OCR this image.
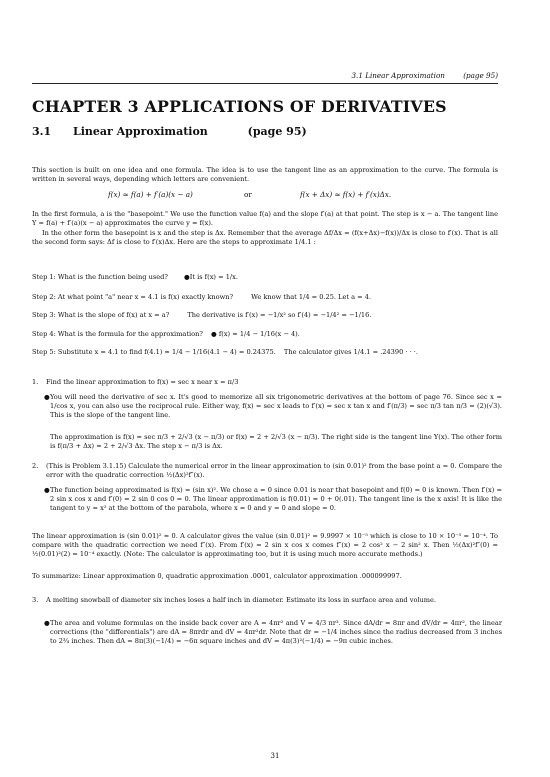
3.1 Linear Approximation	(page 95)
CHAPTER 3 APPLICATIONS OF DERIVATIVES
3.1 Linear Approximation	(page 95)
This section is built on one idea and one formula. The idea is to use the tangent line as an approximation to the curve. The formula is written in several ways, depending which letters are convenient.
f(x) ≈ f(a) + f′(a)(x − a)	or	f(x + Δx) ≈ f(x) + f′(x)Δx.
In the first formula, a is the "basepoint." We use the function value f(a) and the slope f′(a) at that point. The step is x − a. The tangent line Y = f(a) + f′(a)(x − a) approximates the curve y = f(x).
In the other form the basepoint is x and the step is Δx. Remember that the average Δf/Δx = (f(x+Δx)−f(x))/Δx is close to f′(x). That is all the second form says: Δf is close to f′(x)Δx. Here are the steps to approximate 1/4.1 :
Step 1: What is the function being used? ●It is f(x) = 1/x.
Step 2: At what point "a" near x = 4.1 is f(x) exactly known?	We know that 1/4 = 0.25. Let a = 4.
Step 3: What is the slope of f(x) at x = a?	The derivative is f′(x) = −1/x² so f′(4) = −1/4² = −1/16.
Step 4: What is the formula for the approximation? ● f(x) ≈ 1/4 − 1/16(x − 4).
Step 5: Substitute x = 4.1 to find f(4.1) ≈ 1/4 − 1/16(4.1 − 4) = 0.24375. The calculator gives 1/4.1 = .24390 · · ·.
1. Find the linear approximation to f(x) = sec x near x = π/3
● You will need the derivative of sec x. It's good to memorize all six trigonometric derivatives at the bottom of page 76. Since sec x = 1/cos x, you can also use the reciprocal rule. Either way, f(x) = sec x leads to f′(x) = sec x tan x and f′(π/3) = sec π/3 tan π/3 = (2)(√3). This is the slope of the tangent line.
The approximation is f(x) ≈ sec π/3 + 2/√3 (x − π/3) or f(x) ≈ 2 + 2/√3 (x − π/3). The right side is the tangent line Y(x). The other form is f(π/3 + Δx) ≈ 2 + 2/√3 Δx. The step x − π/3 is Δx.
2. (This is Problem 3.1.15) Calculate the numerical error in the linear approximation to (sin 0.01)² from the base point a = 0. Compare the error with the quadratic correction ½(Δx)²f″(x).
● The function being approximated is f(x) = (sin x)². We chose a = 0 since 0.01 is near that basepoint and f(0) = 0 is known. Then f′(x) = 2 sin x cos x and f′(0) = 2 sin 0 cos 0 = 0. The linear approximation is f(0.01) ≈ 0 + 0(.01). The tangent line is the x axis! It is like the tangent to y = x² at the bottom of the parabola, where x = 0 and y = 0 and slope = 0.
The linear approximation is (sin 0.01)² ≈ 0. A calculator gives the value (sin 0.01)² = 9.9997 × 10⁻⁵ which is close to 10 × 10⁻⁵ = 10⁻⁴. To compare with the quadratic correction we need f″(x). From f′(x) = 2 sin x cos x comes f″(x) = 2 cos² x − 2 sin² x. Then ½(Δx)²f″(0) = ½(0.01)²(2) = 10⁻⁴ exactly. (Note: The calculator is approximating too, but it is using much more accurate methods.)
To summarize: Linear approximation 0, quadratic approximation .0001, calculator approximation .000099997.
3. A melting snowball of diameter six inches loses a half inch in diameter. Estimate its loss in surface area and volume.
● The area and volume formulas on the inside back cover are A = 4πr² and V = 4/3 πr³. Since dA/dr = 8πr and dV/dr = 4πr², the linear corrections (the "differentials") are dA = 8πrdr and dV = 4πr²dr. Note that dr = −1/4 inches since the radius decreased from 3 inches to 2¾ inches. Then dA = 8π(3)(−1/4) = −6π square inches and dV = 4π(3)²(−1/4) = −9π cubic inches.
31
